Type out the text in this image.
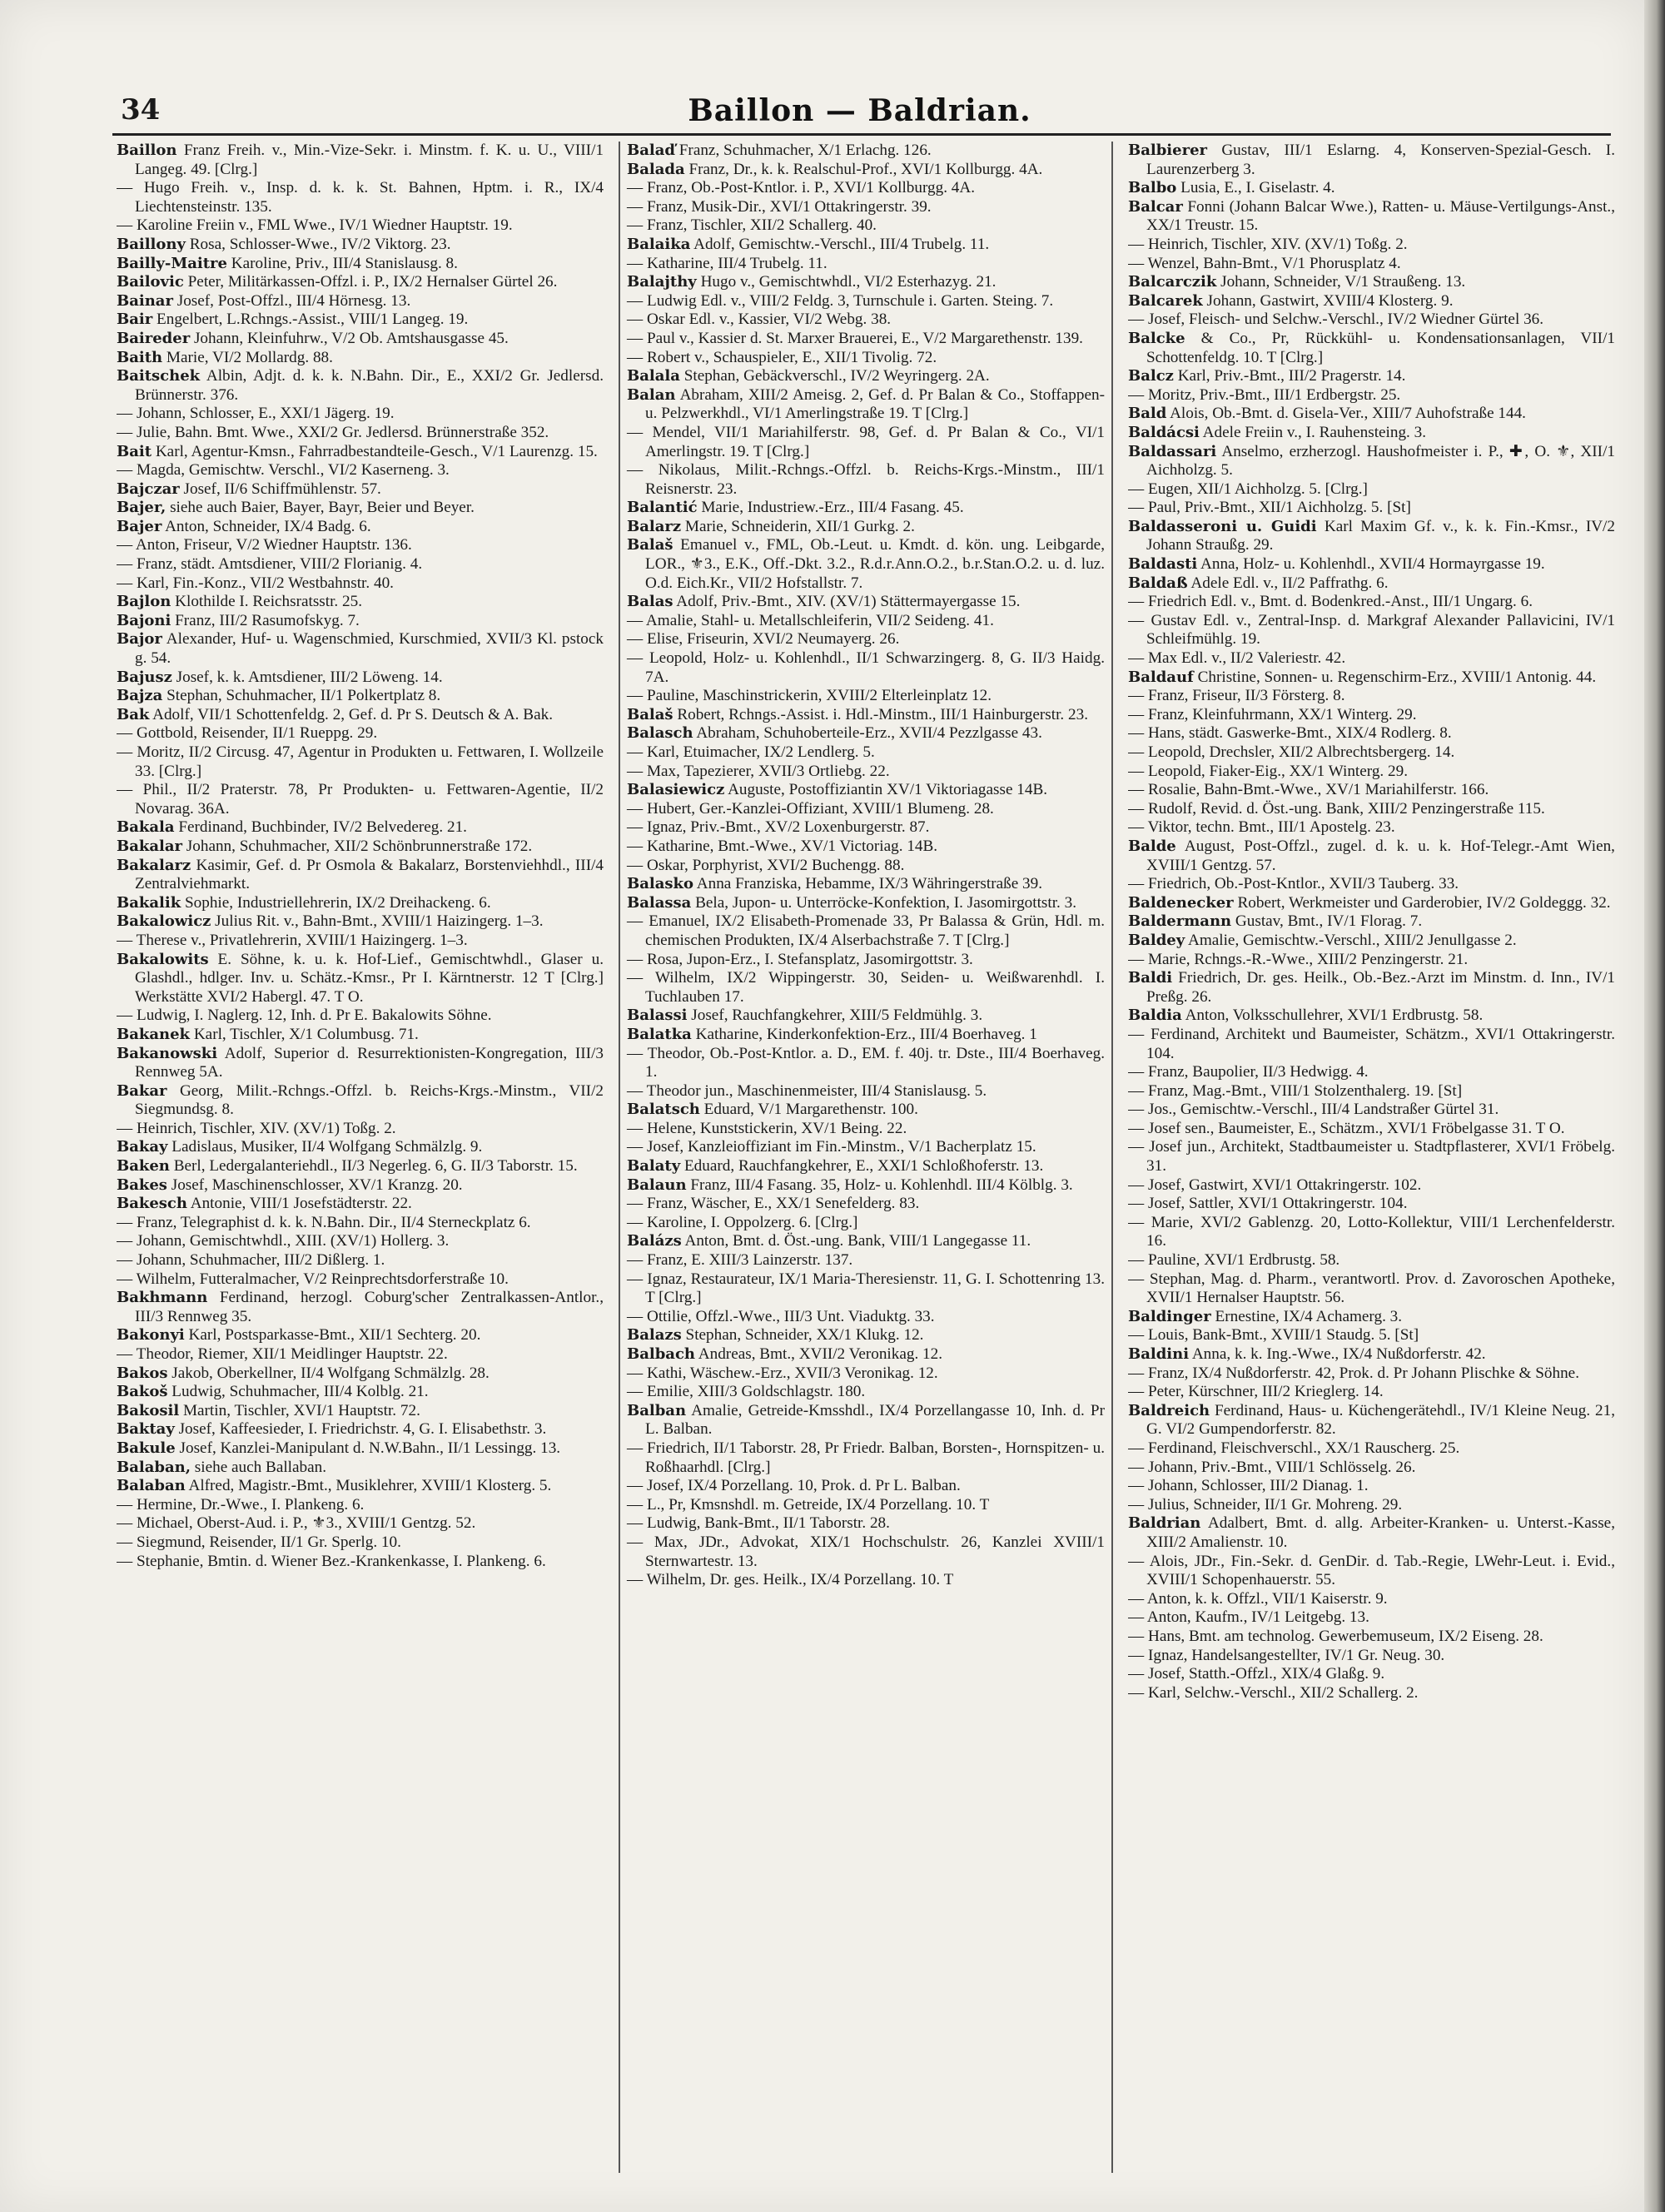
34	Baillon — Baldrian.

Baillon Franz Freih. v., Min.-Vize-Sekr. i. Minstm. f. K. u. U., VIII/1 Langeg. 49. [Clrg.]

— Hugo Freih. v., Insp. d. k. k. St. Bahnen, Hptm. i. R., IX/4 Liechtensteinstr. 135.

— Karoline Freiin v., FML Wwe., IV/1 Wiedner Hauptstr. 19.

Baillony Rosa, Schlosser-Wwe., IV/2 Viktorg. 23.

Bailly-Maitre Karoline, Priv., III/4 Stanislausg. 8.

Bailovic Peter, Militärkassen-Offzl. i. P., IX/2 Hernalser Gürtel 26.

Bainar Josef, Post-Offzl., III/4 Hörnesg. 13.

Bair Engelbert, L.Rchngs.-Assist., VIII/1 Langeg. 19.

Baireder Johann, Kleinfuhrw., V/2 Ob. Amtshausgasse 45.

Baith Marie, VI/2 Mollardg. 88.

Baitschek Albin, Adjt. d. k. k. N.Bahn. Dir., E., XXI/2 Gr. Jedlersd. Brünnerstr. 376.

— Johann, Schlosser, E., XXI/1 Jägerg. 19.

— Julie, Bahn. Bmt. Wwe., XXI/2 Gr. Jedlersd. Brünnerstraße 352.

Bait Karl, Agentur-Kmsn., Fahrradbestandteile-Gesch., V/1 Laurenzg. 15.

— Magda, Gemischtw. Verschl., VI/2 Kaserneng. 3.

Bajczar Josef, II/6 Schiffmühlenstr. 57.

Bajer, siehe auch Baier, Bayer, Bayr, Beier und Beyer.

Bajer Anton, Schneider, IX/4 Badg. 6.

— Anton, Friseur, V/2 Wiedner Hauptstr. 136.

— Franz, städt. Amtsdiener, VIII/2 Florianig. 4.

— Karl, Fin.-Konz., VII/2 Westbahnstr. 40.

Bajlon Klothilde I. Reichsratsstr. 25.

Bajoni Franz, III/2 Rasumofskyg. 7.

Bajor Alexander, Huf- u. Wagenschmied, Kurschmied, XVII/3 Kl. pstock g. 54.

Bajusz Josef, k. k. Amtsdiener, III/2 Löweng. 14.

Bajza Stephan, Schuhmacher, II/1 Polkertplatz 8.

Bak Adolf, VII/1 Schottenfeldg. 2, Gef. d. Pr S. Deutsch & A. Bak.

— Gottbold, Reisender, II/1 Rueppg. 29.

— Moritz, II/2 Circusg. 47, Agentur in Produkten u. Fettwaren, I. Wollzeile 33. [Clrg.]

— Phil., II/2 Praterstr. 78, Pr Produkten- u. Fettwaren-Agentie, II/2 Novarag. 36A.

Bakala Ferdinand, Buchbinder, IV/2 Belvedereg. 21.

Bakalar Johann, Schuhmacher, XII/2 Schönbrunnerstraße 172.

Bakalarz Kasimir, Gef. d. Pr Osmola & Bakalarz, Borstenviehhdl., III/4 Zentralviehmarkt.

Bakalik Sophie, Industriellehrerin, IX/2 Dreihackeng. 6.

Bakalowicz Julius Rit. v., Bahn-Bmt., XVIII/1 Haizingerg. 1–3.

— Therese v., Privatlehrerin, XVIII/1 Haizingerg. 1–3.

Bakalowits E. Söhne, k. u. k. Hof-Lief., Gemischtwhdl., Glaser u. Glashdl., hdlger. Inv. u. Schätz.-Kmsr., Pr I. Kärntnerstr. 12 T [Clrg.] Werkstätte XVI/2 Habergl. 47. T O.

— Ludwig, I. Naglerg. 12, Inh. d. Pr E. Bakalowits Söhne.

Bakanek Karl, Tischler, X/1 Columbusg. 71.

Bakanowski Adolf, Superior d. Resurrektionisten-Kongregation, III/3 Rennweg 5A.

Bakar Georg, Milit.-Rchngs.-Offzl. b. Reichs-Krgs.-Minstm., VII/2 Siegmundsg. 8.

— Heinrich, Tischler, XIV. (XV/1) Toßg. 2.

Bakay Ladislaus, Musiker, II/4 Wolfgang Schmälzlg. 9.

Baken Berl, Ledergalanteriehdl., II/3 Negerleg. 6, G. II/3 Taborstr. 15.

Bakes Josef, Maschinenschlosser, XV/1 Kranzg. 20.

Bakesch Antonie, VIII/1 Josefstädterstr. 22.

— Franz, Telegraphist d. k. k. N.Bahn. Dir., II/4 Sterneckplatz 6.

— Johann, Gemischtwhdl., XIII. (XV/1) Hollerg. 3.

— Johann, Schuhmacher, III/2 Dißlerg. 1.

— Wilhelm, Futteralmacher, V/2 Reinprechtsdorferstraße 10.

Bakhmann Ferdinand, herzogl. Coburg'scher Zentralkassen-Antlor., III/3 Rennweg 35.

Bakonyi Karl, Postsparkasse-Bmt., XII/1 Sechterg. 20.

— Theodor, Riemer, XII/1 Meidlinger Hauptstr. 22.

Bakos Jakob, Oberkellner, II/4 Wolfgang Schmälzlg. 28.

Bakoš Ludwig, Schuhmacher, III/4 Kolblg. 21.

Bakosil Martin, Tischler, XVI/1 Hauptstr. 72.

Baktay Josef, Kaffeesieder, I. Friedrichstr. 4, G. I. Elisabethstr. 3.

Bakule Josef, Kanzlei-Manipulant d. N.W.Bahn., II/1 Lessingg. 13.

Balaban, siehe auch Ballaban.

Balaban Alfred, Magistr.-Bmt., Musiklehrer, XVIII/1 Klosterg. 5.

— Hermine, Dr.-Wwe., I. Plankeng. 6.

— Michael, Oberst-Aud. i. P., ⚜3., XVIII/1 Gentzg. 52.

— Siegmund, Reisender, II/1 Gr. Sperlg. 10.

— Stephanie, Bmtin. d. Wiener Bez.-Krankenkasse, I. Plankeng. 6.

Balaď Franz, Schuhmacher, X/1 Erlachg. 126.

Balada Franz, Dr., k. k. Realschul-Prof., XVI/1 Kollburgg. 4A.

— Franz, Ob.-Post-Kntlor. i. P., XVI/1 Kollburgg. 4A.

— Franz, Musik-Dir., XVI/1 Ottakringerstr. 39.

— Franz, Tischler, XII/2 Schallerg. 40.

Balaika Adolf, Gemischtw.-Verschl., III/4 Trubelg. 11.

— Katharine, III/4 Trubelg. 11.

Balajthy Hugo v., Gemischtwhdl., VI/2 Esterhazyg. 21.

— Ludwig Edl. v., VIII/2 Feldg. 3, Turnschule i. Garten. Steing. 7.

— Oskar Edl. v., Kassier, VI/2 Webg. 38.

— Paul v., Kassier d. St. Marxer Brauerei, E., V/2 Margarethenstr. 139.

— Robert v., Schauspieler, E., XII/1 Tivolig. 72.

Balala Stephan, Gebäckverschl., IV/2 Weyringerg. 2A.

Balan Abraham, XIII/2 Ameisg. 2, Gef. d. Pr Balan & Co., Stoffappen- u. Pelzwerkhdl., VI/1 Amerlingstraße 19. T [Clrg.]

— Mendel, VII/1 Mariahilferstr. 98, Gef. d. Pr Balan & Co., VI/1 Amerlingstr. 19. T [Clrg.]

— Nikolaus, Milit.-Rchngs.-Offzl. b. Reichs-Krgs.-Minstm., III/1 Reisnerstr. 23.

Balantić Marie, Industriew.-Erz., III/4 Fasang. 45.

Balarz Marie, Schneiderin, XII/1 Gurkg. 2.

Balaš Emanuel v., FML, Ob.-Leut. u. Kmdt. d. kön. ung. Leibgarde, LOR., ⚜3., E.K., Off.-Dkt. 3.2., R.d.r.Ann.O.2., b.r.Stan.O.2. u. d. luz. O.d. Eich.Kr., VII/2 Hofstallstr. 7.

Balas Adolf, Priv.-Bmt., XIV. (XV/1) Stättermayergasse 15.

— Amalie, Stahl- u. Metallschleiferin, VII/2 Seideng. 41.

— Elise, Friseurin, XVI/2 Neumayerg. 26.

— Leopold, Holz- u. Kohlenhdl., II/1 Schwarzingerg. 8, G. II/3 Haidg. 7A.

— Pauline, Maschinstrickerin, XVIII/2 Elterleinplatz 12.

Balaš Robert, Rchngs.-Assist. i. Hdl.-Minstm., III/1 Hainburgerstr. 23.

Balasch Abraham, Schuhoberteile-Erz., XVII/4 Pezzlgasse 43.

— Karl, Etuimacher, IX/2 Lendlerg. 5.

— Max, Tapezierer, XVII/3 Ortliebg. 22.

Balasiewicz Auguste, Postoffiziantin XV/1 Viktoriagasse 14B.

— Hubert, Ger.-Kanzlei-Offiziant, XVIII/1 Blumeng. 28.

— Ignaz, Priv.-Bmt., XV/2 Loxenburgerstr. 87.

— Katharine, Bmt.-Wwe., XV/1 Victoriag. 14B.

— Oskar, Porphyrist, XVI/2 Buchengg. 88.

Balasko Anna Franziska, Hebamme, IX/3 Währingerstraße 39.

Balassa Bela, Jupon- u. Unterröcke-Konfektion, I. Jasomirgottstr. 3.

— Emanuel, IX/2 Elisabeth-Promenade 33, Pr Balassa & Grün, Hdl. m. chemischen Produkten, IX/4 Alserbachstraße 7. T [Clrg.]

— Rosa, Jupon-Erz., I. Stefansplatz, Jasomirgottstr. 3.

— Wilhelm, IX/2 Wippingerstr. 30, Seiden- u. Weißwarenhdl. I. Tuchlauben 17.

Balassi Josef, Rauchfangkehrer, XIII/5 Feldmühlg. 3.

Balatka Katharine, Kinderkonfektion-Erz., III/4 Boerhaveg. 1

— Theodor, Ob.-Post-Kntlor. a. D., EM. f. 40j. tr. Dste., III/4 Boerhaveg. 1.

— Theodor jun., Maschinenmeister, III/4 Stanislausg. 5.

Balatsch Eduard, V/1 Margarethenstr. 100.

— Helene, Kunststickerin, XV/1 Being. 22.

— Josef, Kanzleioffiziant im Fin.-Minstm., V/1 Bacherplatz 15.

Balaty Eduard, Rauchfangkehrer, E., XXI/1 Schloßhoferstr. 13.

Balaun Franz, III/4 Fasang. 35, Holz- u. Kohlenhdl. III/4 Kölblg. 3.

— Franz, Wäscher, E., XX/1 Senefelderg. 83.

— Karoline, I. Oppolzerg. 6. [Clrg.]

Balázs Anton, Bmt. d. Öst.-ung. Bank, VIII/1 Langegasse 11.

— Franz, E. XIII/3 Lainzerstr. 137.

— Ignaz, Restaurateur, IX/1 Maria-Theresienstr. 11, G. I. Schottenring 13. T [Clrg.]

— Ottilie, Offzl.-Wwe., III/3 Unt. Viaduktg. 33.

Balazs Stephan, Schneider, XX/1 Klukg. 12.

Balbach Andreas, Bmt., XVII/2 Veronikag. 12.

— Kathi, Wäschew.-Erz., XVII/3 Veronikag. 12.

— Emilie, XIII/3 Goldschlagstr. 180.

Balban Amalie, Getreide-Kmsshdl., IX/4 Porzellangasse 10, Inh. d. Pr L. Balban.

— Friedrich, II/1 Taborstr. 28, Pr Friedr. Balban, Borsten-, Hornspitzen- u. Roßhaarhdl. [Clrg.]

— Josef, IX/4 Porzellang. 10, Prok. d. Pr L. Balban.

— L., Pr, Kmsnshdl. m. Getreide, IX/4 Porzellang. 10. T

— Ludwig, Bank-Bmt., II/1 Taborstr. 28.

— Max, JDr., Advokat, XIX/1 Hochschulstr. 26, Kanzlei XVIII/1 Sternwartestr. 13.

— Wilhelm, Dr. ges. Heilk., IX/4 Porzellang. 10. T

Balbierer Gustav, III/1 Eslarng. 4, Konserven-Spezial-Gesch. I. Laurenzerberg 3.

Balbo Lusia, E., I. Giselastr. 4.

Balcar Fonni (Johann Balcar Wwe.), Ratten- u. Mäuse-Vertilgungs-Anst., XX/1 Treustr. 15.

— Heinrich, Tischler, XIV. (XV/1) Toßg. 2.

— Wenzel, Bahn-Bmt., V/1 Phorusplatz 4.

Balcarczik Johann, Schneider, V/1 Straußeng. 13.

Balcarek Johann, Gastwirt, XVIII/4 Klosterg. 9.

— Josef, Fleisch- und Selchw.-Verschl., IV/2 Wiedner Gürtel 36.

Balcke & Co., Pr, Rückkühl- u. Kondensationsanlagen, VII/1 Schottenfeldg. 10. T [Clrg.]

Balcz Karl, Priv.-Bmt., III/2 Pragerstr. 14.

— Moritz, Priv.-Bmt., III/1 Erdbergstr. 25.

Bald Alois, Ob.-Bmt. d. Gisela-Ver., XIII/7 Auhofstraße 144.

Baldácsi Adele Freiin v., I. Rauhensteing. 3.

Baldassari Anselmo, erzherzogl. Haushofmeister i. P., ✚, O. ⚜, XII/1 Aichholzg. 5.

— Eugen, XII/1 Aichholzg. 5. [Clrg.]

— Paul, Priv.-Bmt., XII/1 Aichholzg. 5. [St]

Baldasseroni u. Guidi Karl Maxim Gf. v., k. k. Fin.-Kmsr., IV/2 Johann Straußg. 29.

Baldasti Anna, Holz- u. Kohlenhdl., XVII/4 Hormayrgasse 19.

Baldaß Adele Edl. v., II/2 Paffrathg. 6.

— Friedrich Edl. v., Bmt. d. Bodenkred.-Anst., III/1 Ungarg. 6.

— Gustav Edl. v., Zentral-Insp. d. Markgraf Alexander Pallavicini, IV/1 Schleifmühlg. 19.

— Max Edl. v., II/2 Valeriestr. 42.

Baldauf Christine, Sonnen- u. Regenschirm-Erz., XVIII/1 Antonig. 44.

— Franz, Friseur, II/3 Försterg. 8.

— Franz, Kleinfuhrmann, XX/1 Winterg. 29.

— Hans, städt. Gaswerke-Bmt., XIX/4 Rodlerg. 8.

— Leopold, Drechsler, XII/2 Albrechtsbergerg. 14.

— Leopold, Fiaker-Eig., XX/1 Winterg. 29.

— Rosalie, Bahn-Bmt.-Wwe., XV/1 Mariahilferstr. 166.

— Rudolf, Revid. d. Öst.-ung. Bank, XIII/2 Penzingerstraße 115.

— Viktor, techn. Bmt., III/1 Apostelg. 23.

Balde August, Post-Offzl., zugel. d. k. u. k. Hof-Telegr.-Amt Wien, XVIII/1 Gentzg. 57.

— Friedrich, Ob.-Post-Kntlor., XVII/3 Tauberg. 33.

Baldenecker Robert, Werkmeister und Garderobier, IV/2 Goldeggg. 32.

Baldermann Gustav, Bmt., IV/1 Florag. 7.

Baldey Amalie, Gemischtw.-Verschl., XIII/2 Jenullgasse 2.

— Marie, Rchngs.-R.-Wwe., XIII/2 Penzingerstr. 21.

Baldi Friedrich, Dr. ges. Heilk., Ob.-Bez.-Arzt im Minstm. d. Inn., IV/1 Preßg. 26.

Baldia Anton, Volksschullehrer, XVI/1 Erdbrustg. 58.

— Ferdinand, Architekt und Baumeister, Schätzm., XVI/1 Ottakringerstr. 104.

— Franz, Baupolier, II/3 Hedwigg. 4.

— Franz, Mag.-Bmt., VIII/1 Stolzenthalerg. 19. [St]

— Jos., Gemischtw.-Verschl., III/4 Landstraßer Gürtel 31.

— Josef sen., Baumeister, E., Schätzm., XVI/1 Fröbelgasse 31. T O.

— Josef jun., Architekt, Stadtbaumeister u. Stadtpflasterer, XVI/1 Fröbelg. 31.

— Josef, Gastwirt, XVI/1 Ottakringerstr. 102.

— Josef, Sattler, XVI/1 Ottakringerstr. 104.

— Marie, XVI/2 Gablenzg. 20, Lotto-Kollektur, VIII/1 Lerchenfelderstr. 16.

— Pauline, XVI/1 Erdbrustg. 58.

— Stephan, Mag. d. Pharm., verantwortl. Prov. d. Zavoroschen Apotheke, XVII/1 Hernalser Hauptstr. 56.

Baldinger Ernestine, IX/4 Achamerg. 3.

— Louis, Bank-Bmt., XVIII/1 Staudg. 5. [St]

Baldini Anna, k. k. Ing.-Wwe., IX/4 Nußdorferstr. 42.

— Franz, IX/4 Nußdorferstr. 42, Prok. d. Pr Johann Plischke & Söhne.

— Peter, Kürschner, III/2 Krieglerg. 14.

Baldreich Ferdinand, Haus- u. Küchengerätehdl., IV/1 Kleine Neug. 21, G. VI/2 Gumpendorferstr. 82.

— Ferdinand, Fleischverschl., XX/1 Rauscherg. 25.

— Johann, Priv.-Bmt., VIII/1 Schlösselg. 26.

— Johann, Schlosser, III/2 Dianag. 1.

— Julius, Schneider, II/1 Gr. Mohreng. 29.

Baldrian Adalbert, Bmt. d. allg. Arbeiter-Kranken- u. Unterst.-Kasse, XIII/2 Amalienstr. 10.

— Alois, JDr., Fin.-Sekr. d. GenDir. d. Tab.-Regie, LWehr-Leut. i. Evid., XVIII/1 Schopenhauerstr. 55.

— Anton, k. k. Offzl., VII/1 Kaiserstr. 9.

— Anton, Kaufm., IV/1 Leitgebg. 13.

— Hans, Bmt. am technolog. Gewerbemuseum, IX/2 Eiseng. 28.

— Ignaz, Handelsangestellter, IV/1 Gr. Neug. 30.

— Josef, Statth.-Offzl., XIX/4 Glaßg. 9.

— Karl, Selchw.-Verschl., XII/2 Schallerg. 2.
